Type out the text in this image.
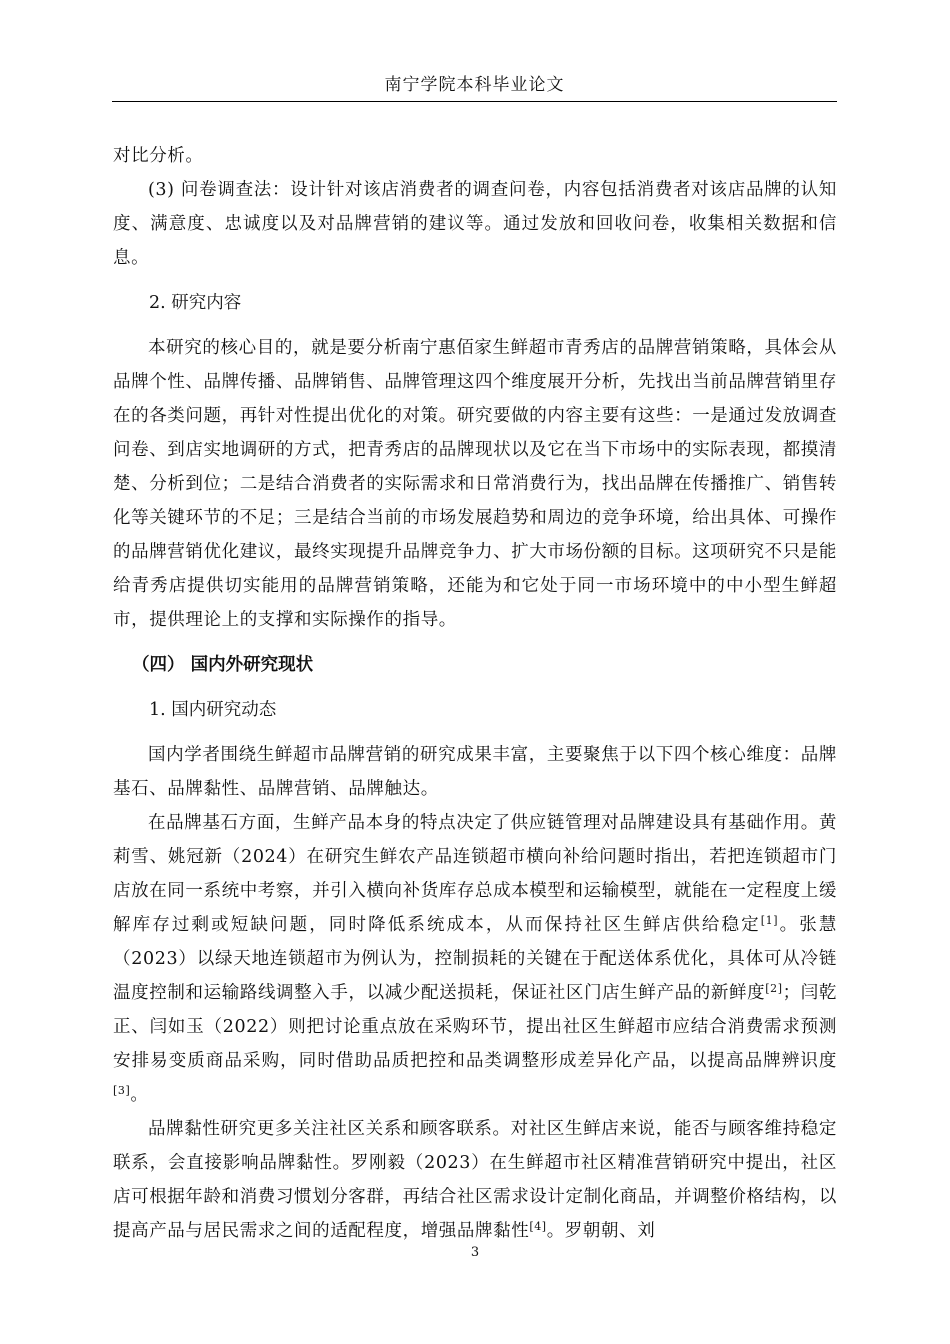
南宁学院本科毕业论文

对比分析。

(3) 问卷调查法：设计针对该店消费者的调查问卷，内容包括消费者对该店品牌的认知度、满意度、忠诚度以及对品牌营销的建议等。通过发放和回收问卷，收集相关数据和信息。

2. 研究内容

本研究的核心目的，就是要分析南宁惠佰家生鲜超市青秀店的品牌营销策略，具体会从品牌个性、品牌传播、品牌销售、品牌管理这四个维度展开分析，先找出当前品牌营销里存在的各类问题，再针对性提出优化的对策。研究要做的内容主要有这些：一是通过发放调查问卷、到店实地调研的方式，把青秀店的品牌现状以及它在当下市场中的实际表现，都摸清楚、分析到位；二是结合消费者的实际需求和日常消费行为，找出品牌在传播推广、销售转化等关键环节的不足；三是结合当前的市场发展趋势和周边的竞争环境，给出具体、可操作的品牌营销优化建议，最终实现提升品牌竞争力、扩大市场份额的目标。这项研究不只是能给青秀店提供切实能用的品牌营销策略，还能为和它处于同一市场环境中的中小型生鲜超市，提供理论上的支撑和实际操作的指导。

（四） 国内外研究现状

1. 国内研究动态

国内学者围绕生鲜超市品牌营销的研究成果丰富，主要聚焦于以下四个核心维度：品牌基石、品牌黏性、品牌营销、品牌触达。

在品牌基石方面，生鲜产品本身的特点决定了供应链管理对品牌建设具有基础作用。黄莉雪、姚冠新（2024）在研究生鲜农产品连锁超市横向补给问题时指出，若把连锁超市门店放在同一系统中考察，并引入横向补货库存总成本模型和运输模型，就能在一定程度上缓解库存过剩或短缺问题，同时降低系统成本，从而保持社区生鲜店供给稳定[1]。张慧（2023）以绿天地连锁超市为例认为，控制损耗的关键在于配送体系优化，具体可从冷链温度控制和运输路线调整入手，以减少配送损耗，保证社区门店生鲜产品的新鲜度[2]；闫乾正、闫如玉（2022）则把讨论重点放在采购环节，提出社区生鲜超市应结合消费需求预测安排易变质商品采购，同时借助品质把控和品类调整形成差异化产品，以提高品牌辨识度[3]。

品牌黏性研究更多关注社区关系和顾客联系。对社区生鲜店来说，能否与顾客维持稳定联系，会直接影响品牌黏性。罗刚毅（2023）在生鲜超市社区精准营销研究中提出，社区店可根据年龄和消费习惯划分客群，再结合社区需求设计定制化商品，并调整价格结构，以提高产品与居民需求之间的适配程度，增强品牌黏性[4]。罗朝朝、刘

3
